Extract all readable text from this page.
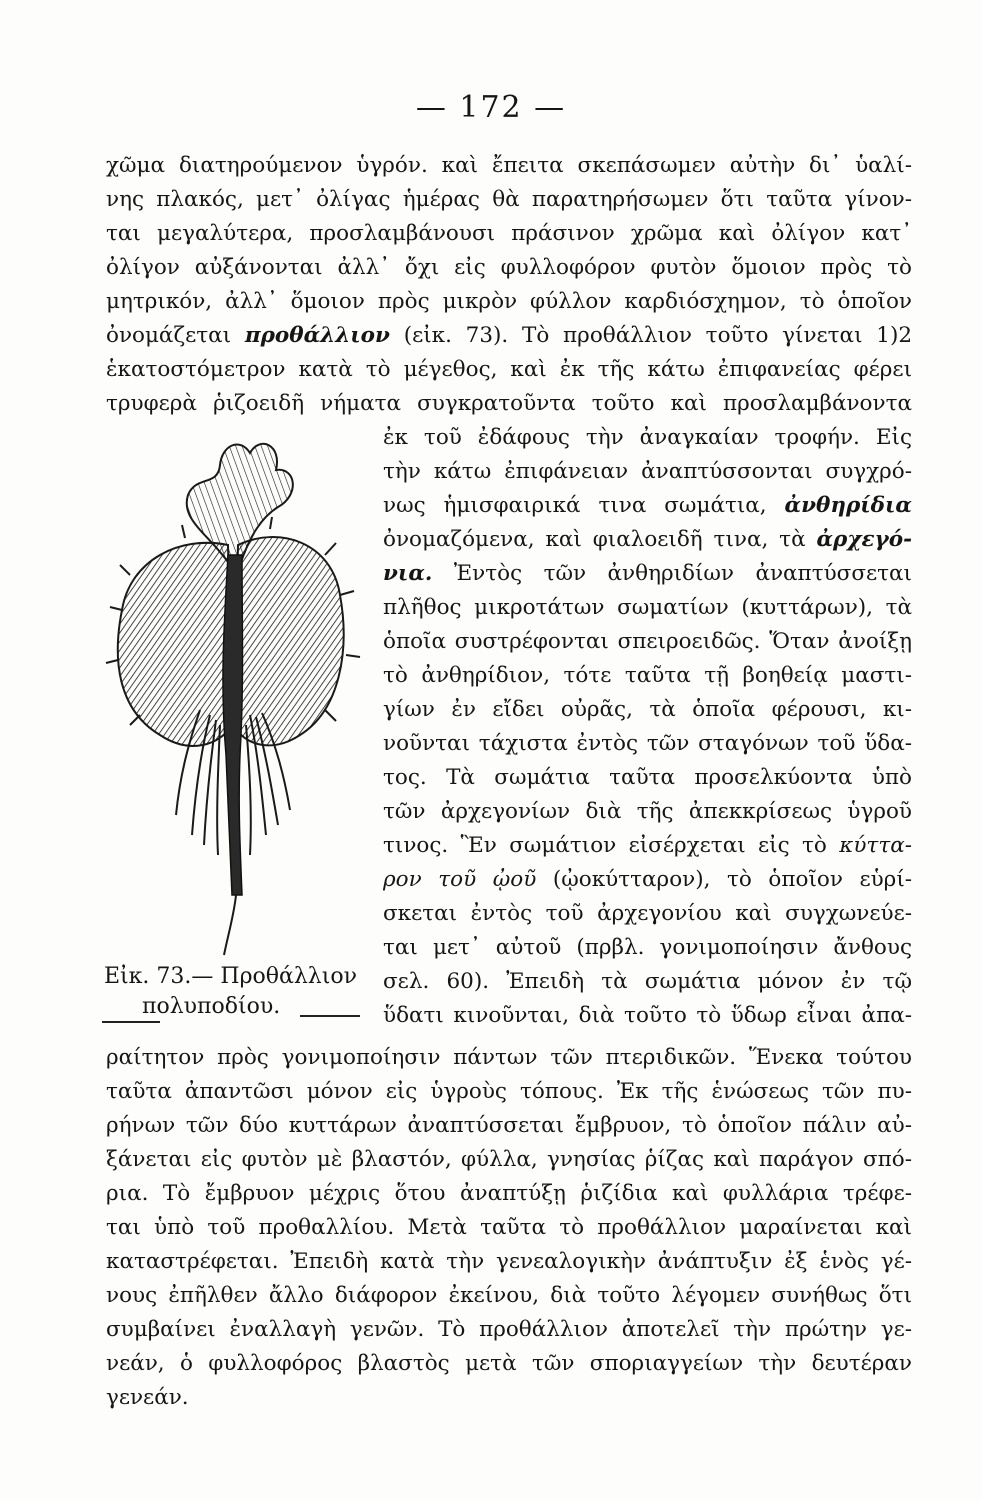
— 172 —
χῶμα διατηρούμενον ὑγρόν. καὶ ἔπειτα σκεπάσωμεν αὐτὴν δι᾽ ὑαλί-
νης πλακός, μετ᾽ ὀλίγας ἡμέρας θὰ παρατηρήσωμεν ὅτι ταῦτα γίνον-
ται μεγαλύτερα, προσλαμβάνουσι πράσινον χρῶμα καὶ ὀλίγον κατ᾽
ὀλίγον αὐξάνονται ἀλλ᾽ ὄχι εἰς φυλλοφόρον φυτὸν ὅμοιον πρὸς τὸ
μητρικόν, ἀλλ᾽ ὅμοιον πρὸς μικρὸν φύλλον καρδιόσχημον, τὸ ὁποῖον
ὀνομάζεται προθάλλιον (εἰκ. 73). Τὸ προθάλλιον τοῦτο γίνεται 1)2
ἑκατοστόμετρον κατὰ τὸ μέγεθος, καὶ ἐκ τῆς κάτω ἐπιφανείας φέρει
τρυφερὰ ῥιζοειδῆ νήματα συγκρατοῦντα τοῦτο καὶ προσλαμβάνοντα
ἐκ τοῦ ἐδάφους τὴν ἀναγκαίαν τροφήν. Εἰς
τὴν κάτω ἐπιφάνειαν ἀναπτύσσονται συγχρό-
νως ἡμισφαιρικά τινα σωμάτια, ἀνθηρίδια
ὀνομαζόμενα, καὶ φιαλοειδῆ τινα, τὰ ἀρχεγό-
νια. Ἐντὸς τῶν ἀνθηριδίων ἀναπτύσσεται
πλῆθος μικροτάτων σωματίων (κυττάρων), τὰ
ὁποῖα συστρέφονται σπειροειδῶς. Ὅταν ἀνοίξῃ
τὸ ἀνθηρίδιον, τότε ταῦτα τῇ βοηθείᾳ μαστι-
γίων ἐν εἴδει οὐρᾶς, τὰ ὁποῖα φέρουσι, κι-
νοῦνται τάχιστα ἐντὸς τῶν σταγόνων τοῦ ὕδα-
τος. Τὰ σωμάτια ταῦτα προσελκύοντα ὑπὸ
τῶν ἀρχεγονίων διὰ τῆς ἀπεκκρίσεως ὑγροῦ
τινος. Ἓν σωμάτιον εἰσέρχεται εἰς τὸ κύττα-
ρον τοῦ ᾠοῦ (ᾠοκύτταρον), τὸ ὁποῖον εὑρί-
σκεται ἐντὸς τοῦ ἀρχεγονίου καὶ συγχωνεύε-
ται μετ᾽ αὐτοῦ (πρβλ. γονιμοποίησιν ἄνθους
σελ. 60). Ἐπειδὴ τὰ σωμάτια μόνον ἐν τῷ
ὕδατι κινοῦνται, διὰ τοῦτο τὸ ὕδωρ εἶναι ἀπα-
ραίτητον πρὸς γονιμοποίησιν πάντων τῶν πτεριδικῶν. Ἕνεκα τούτου
ταῦτα ἀπαντῶσι μόνον εἰς ὑγροὺς τόπους. Ἐκ τῆς ἑνώσεως τῶν πυ-
ρήνων τῶν δύο κυττάρων ἀναπτύσσεται ἔμβρυον, τὸ ὁποῖον πάλιν αὐ-
ξάνεται εἰς φυτὸν μὲ βλαστόν, φύλλα, γνησίας ῥίζας καὶ παράγον σπό-
ρια. Τὸ ἔμβρυον μέχρις ὅτου ἀναπτύξῃ ῥιζίδια καὶ φυλλάρια τρέφε-
ται ὑπὸ τοῦ προθαλλίου. Μετὰ ταῦτα τὸ προθάλλιον μαραίνεται καὶ
καταστρέφεται. Ἐπειδὴ κατὰ τὴν γενεαλογικὴν ἀνάπτυξιν ἐξ ἑνὸς γέ-
νους ἐπῆλθεν ἄλλο διάφορον ἐκείνου, διὰ τοῦτο λέγομεν συνήθως ὅτι
συμβαίνει ἐναλλαγὴ γενῶν. Τὸ προθάλλιον ἀποτελεῖ τὴν πρώτην γε-
νεάν, ὁ φυλλοφόρος βλαστὸς μετὰ τῶν σποριαγγείων τὴν δευτέραν
γενεάν.
Εἰκ. 73.— Προθάλλιον
πολυποδίου.
